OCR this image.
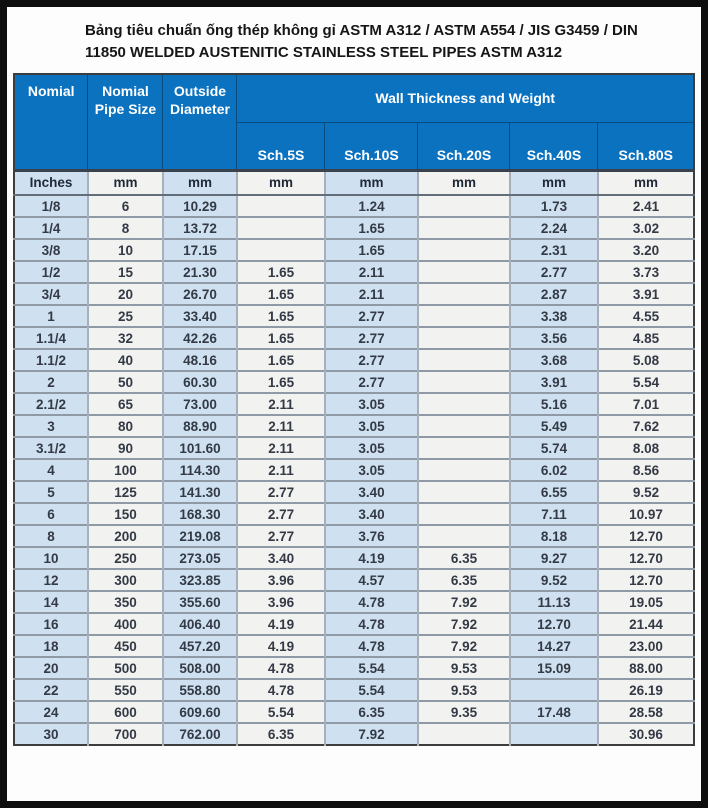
Bảng tiêu chuẩn ống thép không gỉ ASTM A312 / ASTM A554 / JIS G3459 / DIN
11850 WELDED AUSTENITIC STAINLESS STEEL PIPES ASTM A312
Nomial	Nomial Pipe Size	Outside Diameter	Wall Thickness and Weight				
			Sch.5S	Sch.10S	Sch.20S	Sch.40S	Sch.80S
Inches	mm	mm	mm	mm	mm	mm	mm
1/8	6	10.29		1.24		1.73	2.41
1/4	8	13.72		1.65		2.24	3.02
3/8	10	17.15		1.65		2.31	3.20
1/2	15	21.30	1.65	2.11		2.77	3.73
3/4	20	26.70	1.65	2.11		2.87	3.91
1	25	33.40	1.65	2.77		3.38	4.55
1.1/4	32	42.26	1.65	2.77		3.56	4.85
1.1/2	40	48.16	1.65	2.77		3.68	5.08
2	50	60.30	1.65	2.77		3.91	5.54
2.1/2	65	73.00	2.11	3.05		5.16	7.01
3	80	88.90	2.11	3.05		5.49	7.62
3.1/2	90	101.60	2.11	3.05		5.74	8.08
4	100	114.30	2.11	3.05		6.02	8.56
5	125	141.30	2.77	3.40		6.55	9.52
6	150	168.30	2.77	3.40		7.11	10.97
8	200	219.08	2.77	3.76		8.18	12.70
10	250	273.05	3.40	4.19	6.35	9.27	12.70
12	300	323.85	3.96	4.57	6.35	9.52	12.70
14	350	355.60	3.96	4.78	7.92	11.13	19.05
16	400	406.40	4.19	4.78	7.92	12.70	21.44
18	450	457.20	4.19	4.78	7.92	14.27	23.00
20	500	508.00	4.78	5.54	9.53	15.09	88.00
22	550	558.80	4.78	5.54	9.53		26.19
24	600	609.60	5.54	6.35	9.35	17.48	28.58
30	700	762.00	6.35	7.92			30.96
